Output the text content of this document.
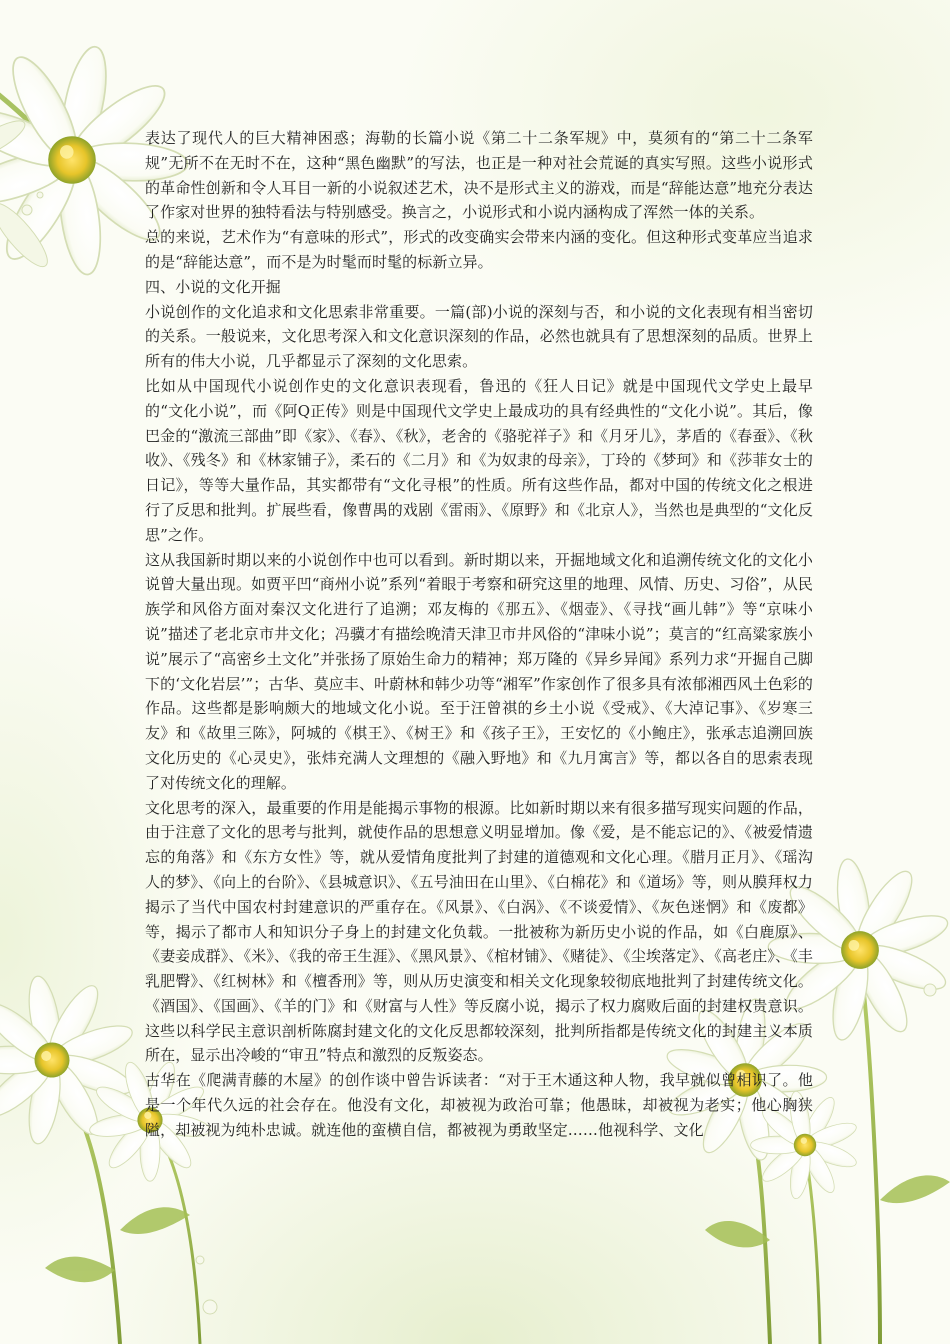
表达了现代人的巨大精神困惑；海勒的长篇小说《第二十二条军规》中，莫须有的“第二十二条军规”无所不在无时不在，这种“黑色幽默”的写法，也正是一种对社会荒诞的真实写照。这些小说形式的革命性创新和令人耳目一新的小说叙述艺术，决不是形式主义的游戏，而是“辞能达意”地充分表达了作家对世界的独特看法与特别感受。换言之，小说形式和小说内涵构成了浑然一体的关系。

总的来说，艺术作为“有意味的形式”，形式的改变确实会带来内涵的变化。但这种形式变革应当追求的是“辞能达意”，而不是为时髦而时髦的标新立异。

四、小说的文化开掘

小说创作的文化追求和文化思索非常重要。一篇(部)小说的深刻与否，和小说的文化表现有相当密切的关系。一般说来，文化思考深入和文化意识深刻的作品，必然也就具有了思想深刻的品质。世界上所有的伟大小说，几乎都显示了深刻的文化思索。

比如从中国现代小说创作史的文化意识表现看，鲁迅的《狂人日记》就是中国现代文学史上最早的“文化小说”，而《阿Q正传》则是中国现代文学史上最成功的具有经典性的“文化小说”。其后，像巴金的“激流三部曲”即《家》、《春》、《秋》，老舍的《骆驼祥子》和《月牙儿》，茅盾的《春蚕》、《秋收》、《残冬》和《林家铺子》，柔石的《二月》和《为奴隶的母亲》，丁玲的《梦珂》和《莎菲女士的日记》，等等大量作品，其实都带有“文化寻根”的性质。所有这些作品，都对中国的传统文化之根进行了反思和批判。扩展些看，像曹禺的戏剧《雷雨》、《原野》和《北京人》，当然也是典型的“文化反思”之作。

这从我国新时期以来的小说创作中也可以看到。新时期以来，开掘地域文化和追溯传统文化的文化小说曾大量出现。如贾平凹“商州小说”系列“着眼于考察和研究这里的地理、风情、历史、习俗”，从民族学和风俗方面对秦汉文化进行了追溯；邓友梅的《那五》、《烟壶》、《寻找“画儿韩”》等“京味小说”描述了老北京市井文化；冯骥才有描绘晚清天津卫市井风俗的“津味小说”；莫言的“红高粱家族小说”展示了“高密乡土文化”并张扬了原始生命力的精神；郑万隆的《异乡异闻》系列力求“开掘自己脚下的‘文化岩层’”；古华、莫应丰、叶蔚林和韩少功等“湘军”作家创作了很多具有浓郁湘西风土色彩的作品。这些都是影响颇大的地域文化小说。至于汪曾祺的乡土小说《受戒》、《大淖记事》、《岁寒三友》和《故里三陈》，阿城的《棋王》、《树王》和《孩子王》，王安忆的《小鲍庄》，张承志追溯回族文化历史的《心灵史》，张炜充满人文理想的《融入野地》和《九月寓言》等，都以各自的思索表现了对传统文化的理解。

文化思考的深入，最重要的作用是能揭示事物的根源。比如新时期以来有很多描写现实问题的作品，由于注意了文化的思考与批判，就使作品的思想意义明显增加。像《爱，是不能忘记的》、《被爱情遗忘的角落》和《东方女性》等，就从爱情角度批判了封建的道德观和文化心理。《腊月正月》、《瑶沟人的梦》、《向上的台阶》、《县城意识》、《五号油田在山里》、《白棉花》和《道场》等，则从膜拜权力揭示了当代中国农村封建意识的严重存在。《风景》、《白涡》、《不谈爱情》、《灰色迷惘》和《废都》等，揭示了都市人和知识分子身上的封建文化负载。一批被称为新历史小说的作品，如《白鹿原》、《妻妾成群》、《米》、《我的帝王生涯》、《黑风景》、《棺材铺》、《赌徒》、《尘埃落定》、《高老庄》、《丰乳肥臀》、《红树林》和《檀香刑》等，则从历史演变和相关文化现象较彻底地批判了封建传统文化。《酒国》、《国画》、《羊的门》和《财富与人性》等反腐小说，揭示了权力腐败后面的封建权贵意识。这些以科学民主意识剖析陈腐封建文化的文化反思都较深刻，批判所指都是传统文化的封建主义本质所在，显示出冷峻的“审丑”特点和激烈的反叛姿态。

古华在《爬满青藤的木屋》的创作谈中曾告诉读者：“对于王木通这种人物，我早就似曾相识了。他是一个年代久远的社会存在。他没有文化，却被视为政治可靠；他愚昧，却被视为老实；他心胸狭隘，却被视为纯朴忠诚。就连他的蛮横自信，都被视为勇敢坚定……他视科学、文化
